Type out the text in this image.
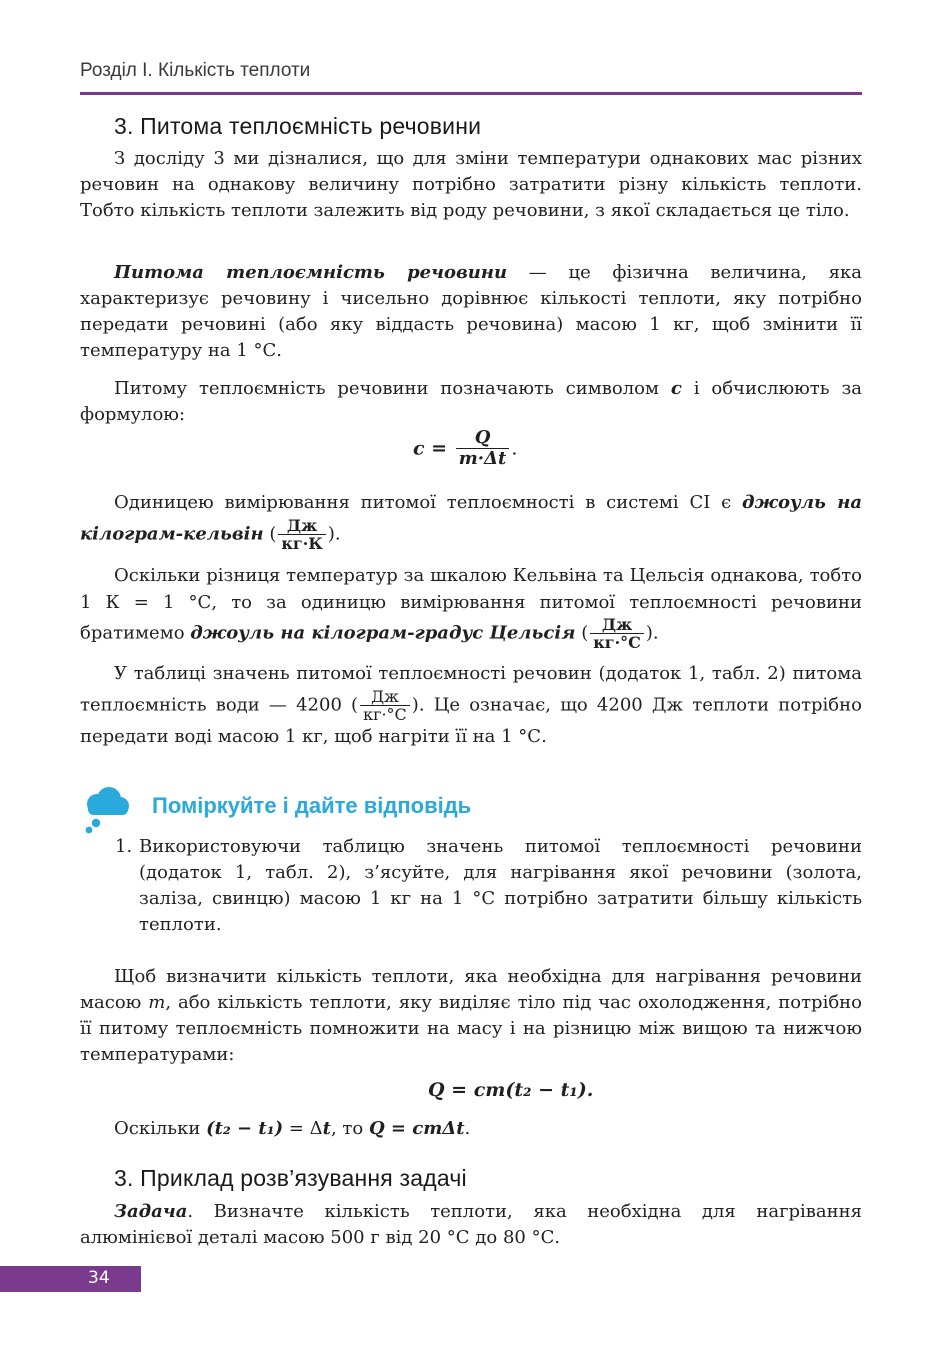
Розділ І. Кількість теплоти
3. Питома теплоємність речовини

З досліду 3 ми дізналися, що для зміни температури однакових мас різних речовин на однакову величину потрібно затратити різну кількість теплоти. Тобто кількість теплоти залежить від роду речовини, з якої складається це тіло.

Питома теплоємність речовини — це фізична величина, яка характеризує речовину і чисельно дорівнює кількості теплоти, яку потрібно передати речовині (або яку віддасть речовина) масою 1 кг, щоб змінити її температуру на 1 °С.

Питому теплоємність речовини позначають символом c і обчислюють за формулою:

$c = \frac{Q}{m\cdot\Delta t}$ .

Одиницею вимірювання питомої теплоємності в системі СІ є джоуль на кілограм-кельвін ( $\frac{Дж}{кг\cdot К}$ ).

Оскільки різниця температур за шкалою Кельвіна та Цельсія однакова, тобто 1 К = 1 °С, то за одиницю вимірювання питомої теплоємності речовини братимемо джоуль на кілограм-градус Цельсія ( $\frac{Дж}{кг\cdot^\circ С}$ ).

У таблиці значень питомої теплоємності речовин (додаток 1, табл. 2) питома теплоємність води — 4200 ( $\frac{Дж}{кг\cdot^\circ С}$ ). Це означає, що 4200 Дж теплоти потрібно передати воді масою 1 кг, щоб нагріти її на 1 °С.

Поміркуйте і дайте відповідь
1. Використовуючи таблицю значень питомої теплоємності речовини (додаток 1, табл. 2), з’ясуйте, для нагрівання якої речовини (золота, заліза, свинцю) масою 1 кг на 1 °С потрібно затратити більшу кількість теплоти.

Щоб визначити кількість теплоти, яка необхідна для нагрівання речовини масою m, або кількість теплоти, яку виділяє тіло під час охолодження, потрібно її питому теплоємність помножити на масу і на різницю між вищою та нижчою температурами:

Q = cm(t₂ − t₁).

Оскільки (t₂ − t₁) = Δt, то Q = cmΔt.

3. Приклад розв’язування задачі

Задача. Визначте кількість теплоти, яка необхідна для нагрівання алюмінієвої деталі масою 500 г від 20 °С до 80 °С.

34
